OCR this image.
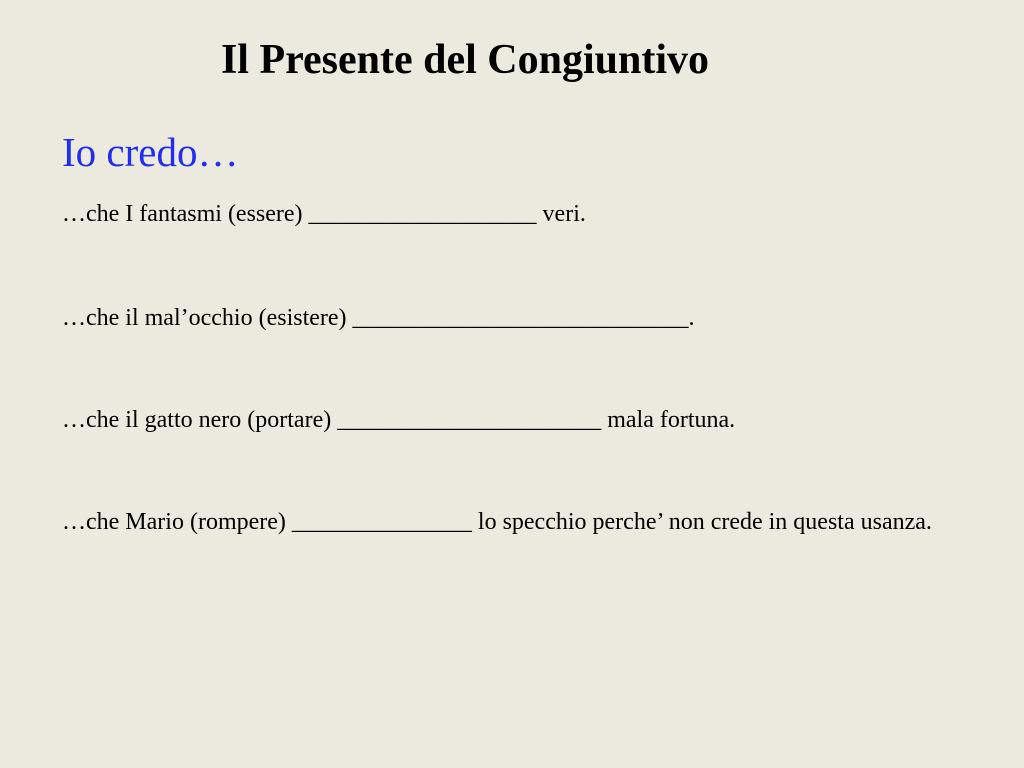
Il Presente del Congiuntivo
Io credo…
…che I fantasmi (essere) ___________________ veri.
…che il mal’occhio (esistere) ____________________________.
…che il gatto nero (portare) ______________________ mala fortuna.
…che Mario (rompere) _______________ lo specchio perche’ non crede in questa usanza.
